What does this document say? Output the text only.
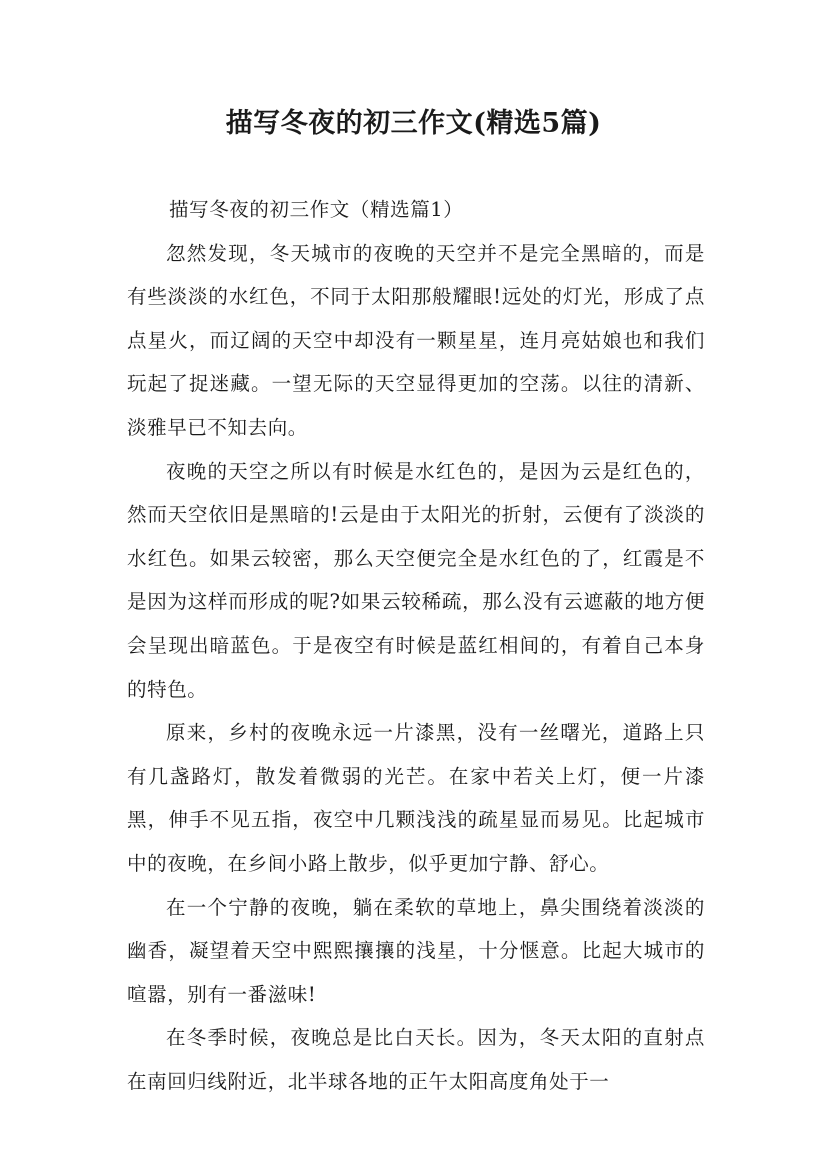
描写冬夜的初三作文(精选5篇)
描写冬夜的初三作文（精选篇1）

忽然发现，冬天城市的夜晚的天空并不是完全黑暗的，而是有些淡淡的水红色，不同于太阳那般耀眼!远处的灯光，形成了点点星火，而辽阔的天空中却没有一颗星星，连月亮姑娘也和我们玩起了捉迷藏。一望无际的天空显得更加的空荡。以往的清新、淡雅早已不知去向。

夜晚的天空之所以有时候是水红色的，是因为云是红色的，然而天空依旧是黑暗的!云是由于太阳光的折射，云便有了淡淡的水红色。如果云较密，那么天空便完全是水红色的了，红霞是不是因为这样而形成的呢?如果云较稀疏，那么没有云遮蔽的地方便会呈现出暗蓝色。于是夜空有时候是蓝红相间的，有着自己本身的特色。

原来，乡村的夜晚永远一片漆黑，没有一丝曙光，道路上只有几盏路灯，散发着微弱的光芒。在家中若关上灯，便一片漆黑，伸手不见五指，夜空中几颗浅浅的疏星显而易见。比起城市中的夜晚，在乡间小路上散步，似乎更加宁静、舒心。

在一个宁静的夜晚，躺在柔软的草地上，鼻尖围绕着淡淡的幽香，凝望着天空中熙熙攘攘的浅星，十分惬意。比起大城市的喧嚣，别有一番滋味!

在冬季时候，夜晚总是比白天长。因为，冬天太阳的直射点在南回归线附近，北半球各地的正午太阳高度角处于一
